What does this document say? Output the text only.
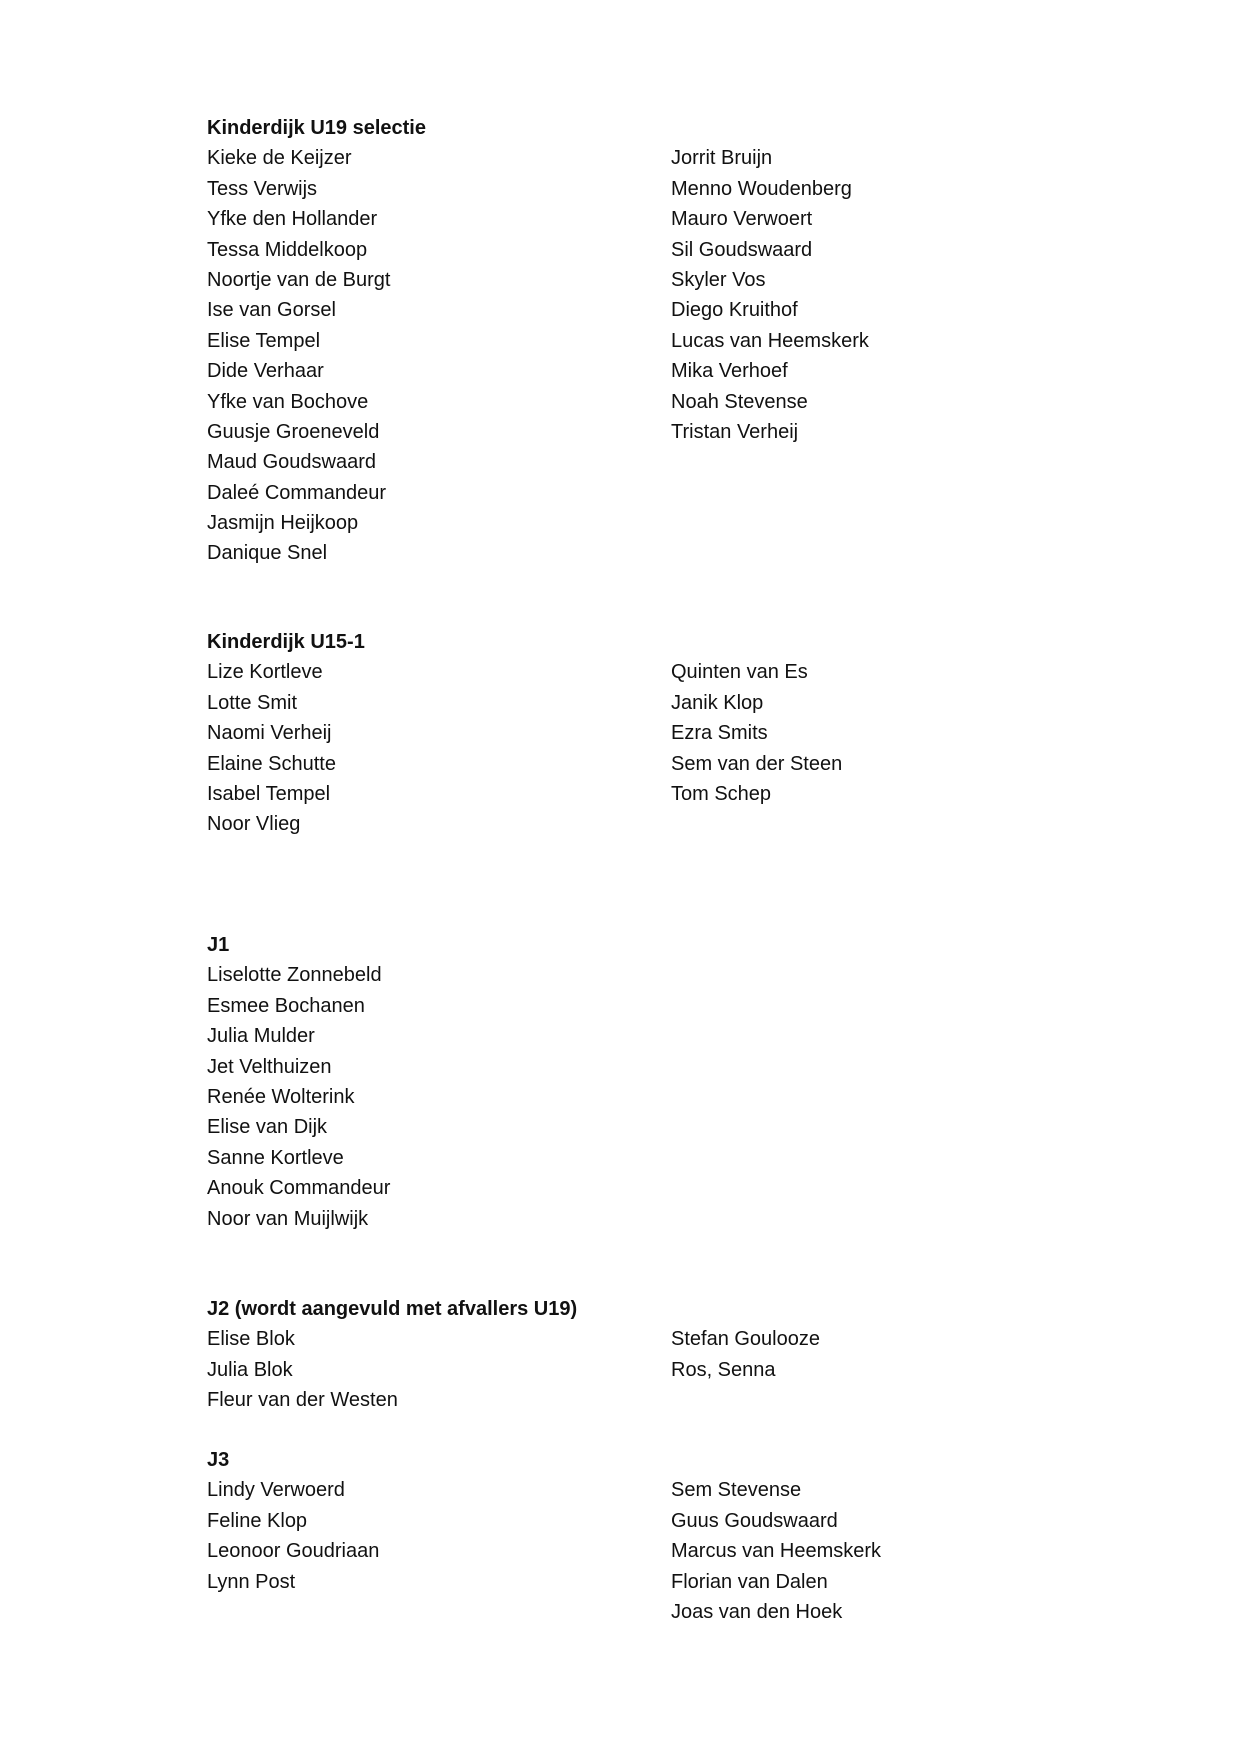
Kinderdijk U19 selectie
Kieke de Keijzer
Tess Verwijs
Yfke den Hollander
Tessa Middelkoop
Noortje van de Burgt
Ise van Gorsel
Elise Tempel
Dide Verhaar
Yfke van Bochove
Guusje Groeneveld
Maud Goudswaard
Daleé Commandeur
Jasmijn Heijkoop
Danique Snel
Jorrit Bruijn
Menno Woudenberg
Mauro Verwoert
Sil Goudswaard
Skyler Vos
Diego Kruithof
Lucas van Heemskerk
Mika Verhoef
Noah Stevense
Tristan Verheij
Kinderdijk U15-1
Lize Kortleve
Lotte Smit
Naomi Verheij
Elaine Schutte
Isabel Tempel
Noor Vlieg
Quinten van Es
Janik Klop
Ezra Smits
Sem van der Steen
Tom Schep
J1
Liselotte Zonnebeld
Esmee Bochanen
Julia Mulder
Jet Velthuizen
Renée Wolterink
Elise van Dijk
Sanne Kortleve
Anouk Commandeur
Noor van Muijlwijk
J2 (wordt aangevuld met afvallers U19)
Elise Blok
Julia Blok
Fleur van der Westen
Stefan Goulooze
Ros, Senna
J3
Lindy Verwoerd
Feline Klop
Leonoor Goudriaan
Lynn Post
Sem Stevense
Guus Goudswaard
Marcus van Heemskerk
Florian van Dalen
Joas van den Hoek
